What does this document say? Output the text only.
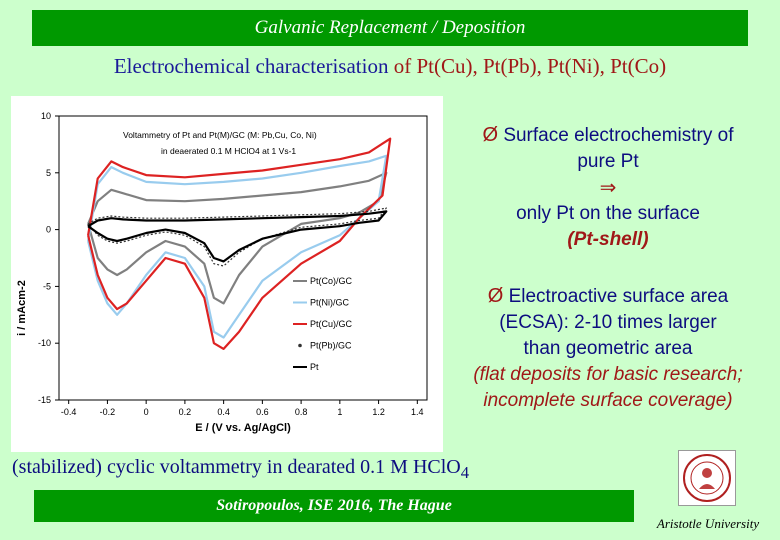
Galvanic Replacement / Deposition
Electrochemical characterisation of Pt(Cu), Pt(Pb), Pt(Ni), Pt(Co)
-0.4	-0.2	0	0.2	0.4	0.6	0.8	1	1.2	1.4
10
5
0
-5
-10
-15
Voltammetry of Pt and Pt(M)/GC (M: Pb,Cu, Co, Ni)
in deaerated 0.1 M HClO4 at 1 Vs-1
E / (V vs. Ag/AgCl)
i / mAcm-2	Pt(Co)/GC
Pt(Ni)/GC
Pt(Cu)/GC
Pt(Pb)/GC
Pt
Ø Surface electrochemistry of
pure Pt
⇒
only Pt on the surface
(Pt-shell)
Ø Electroactive surface area
(ECSA): 2-10 times larger
than geometric area
(flat deposits for basic research;
incomplete surface coverage)
(stabilized) cyclic voltammetry in dearated 0.1 M HClO$_4$
Sotiropoulos, ISE 2016, The Hague
Aristotle University
